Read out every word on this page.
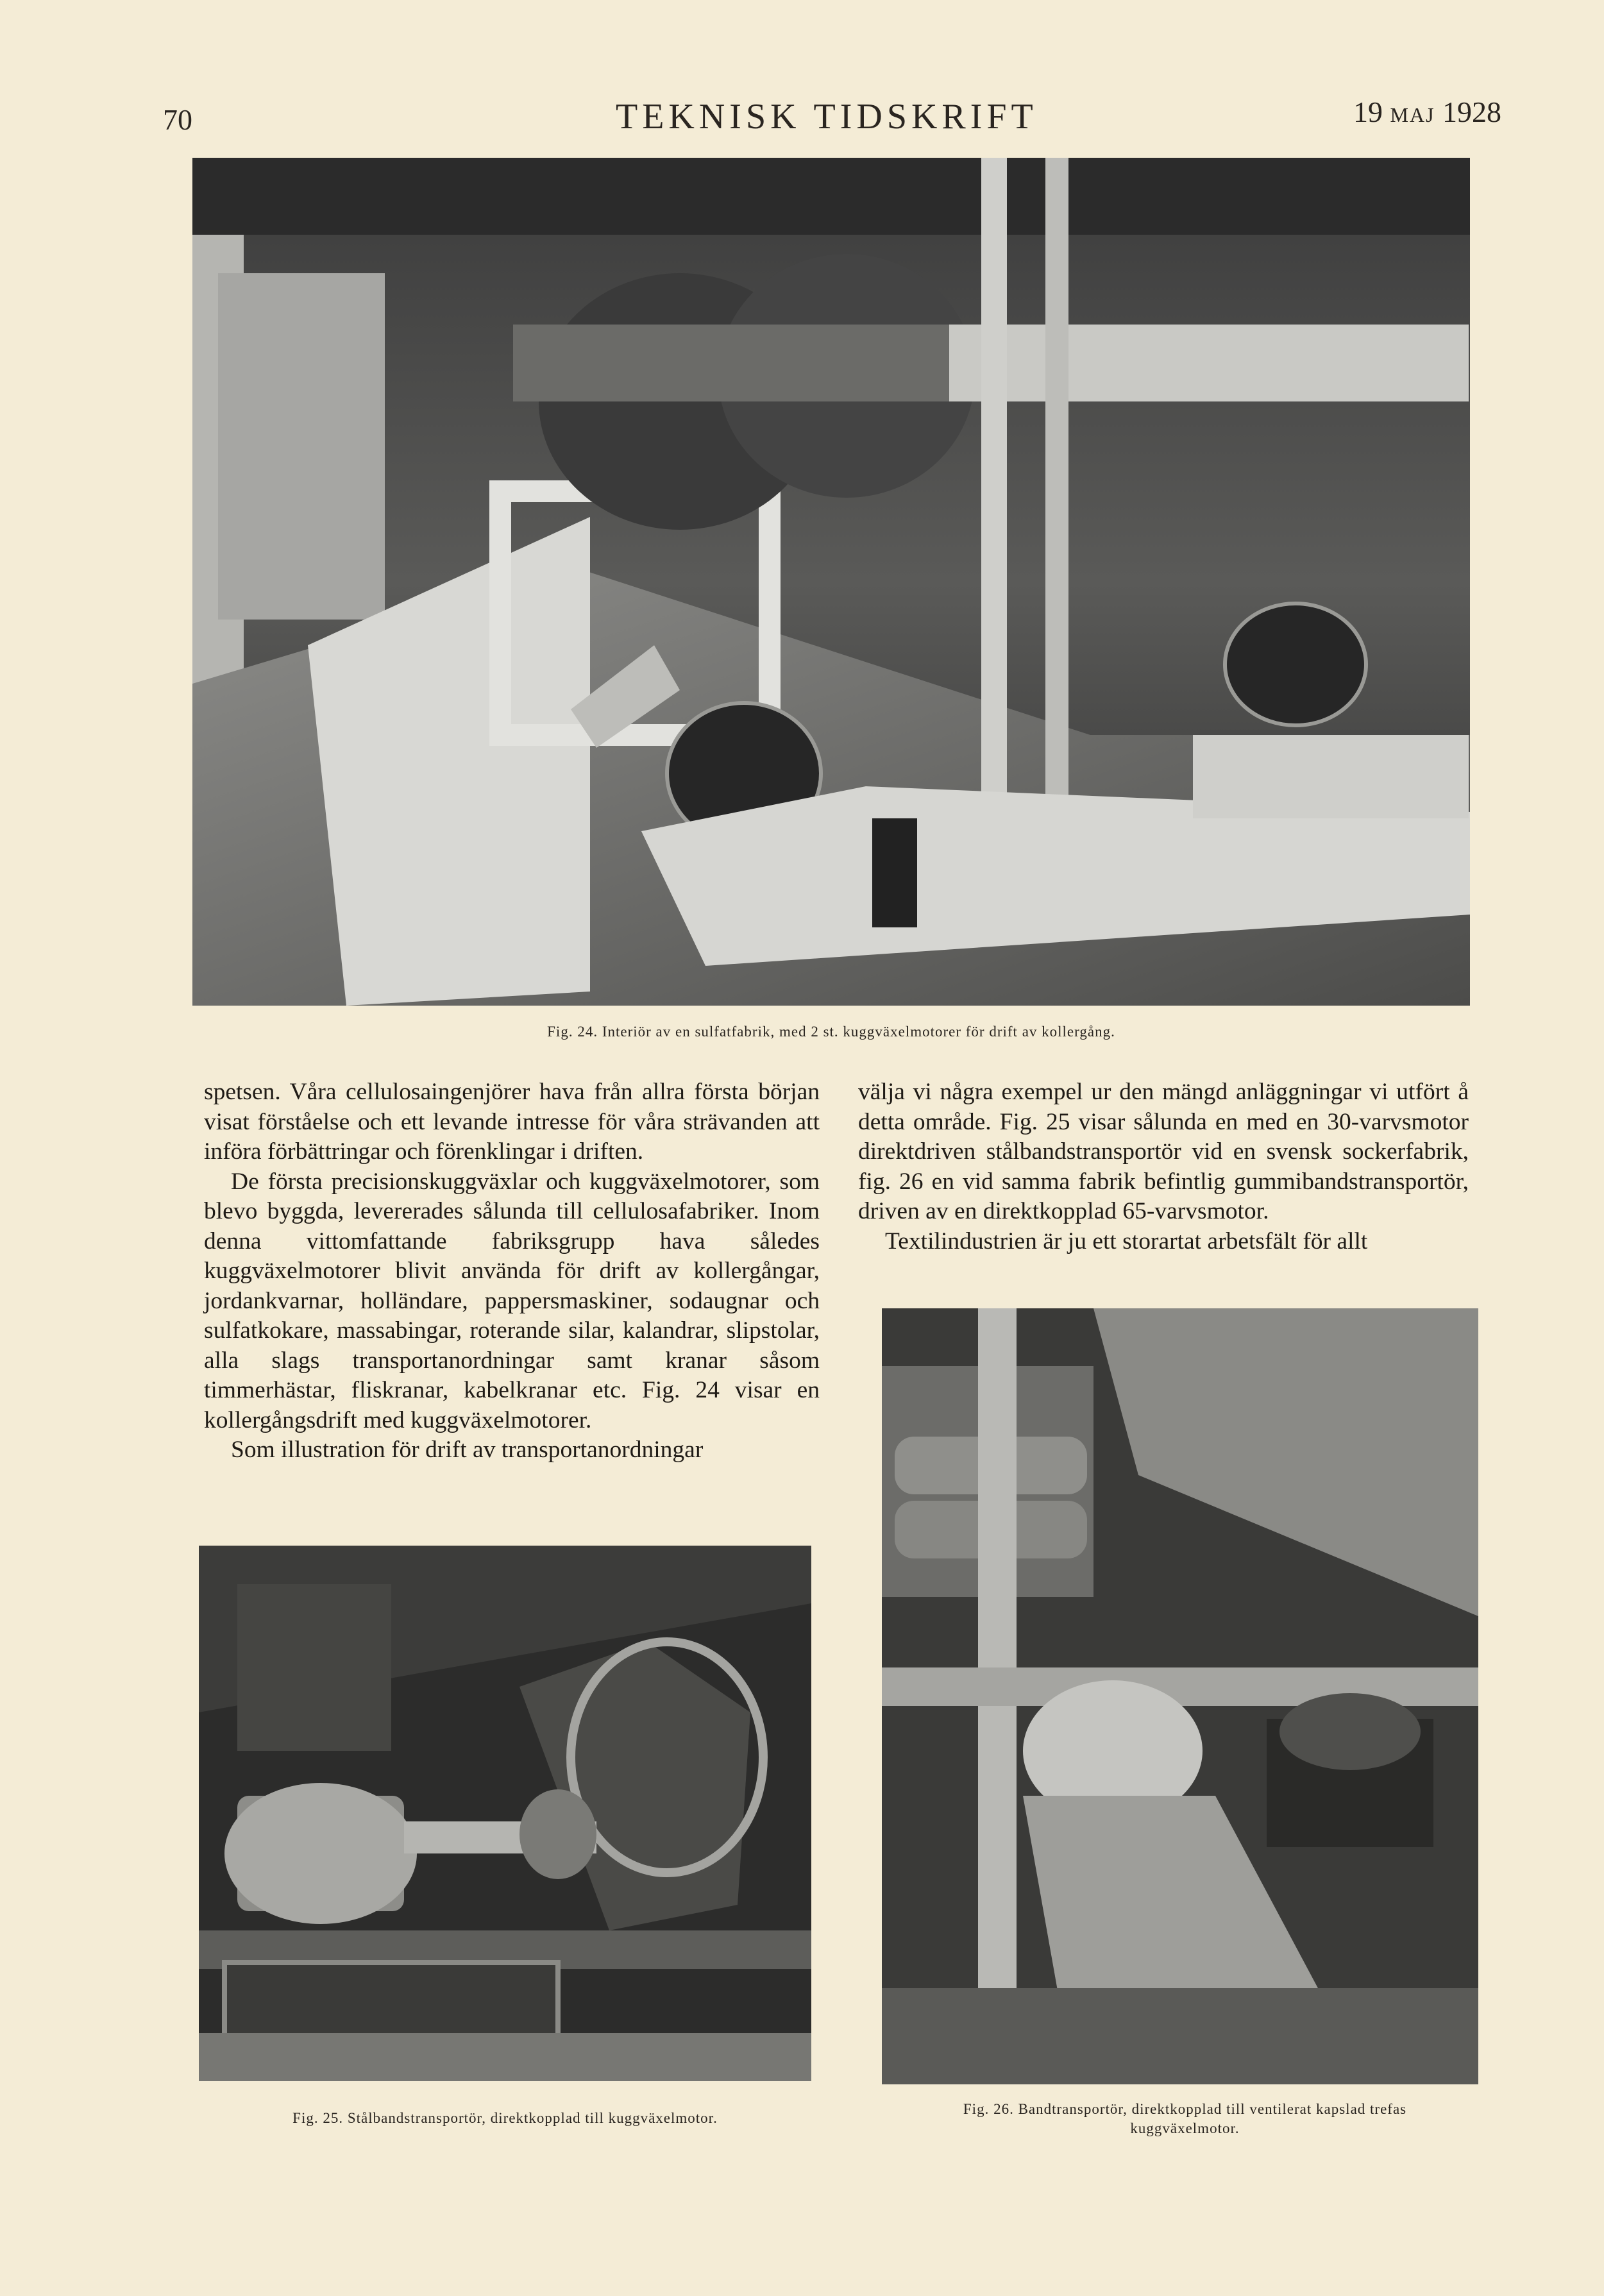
70	TEKNISK TIDSKRIFT	19 MAJ 1928
Fig. 24. Interiör av en sulfatfabrik, med 2 st. kuggväxelmotorer för drift av kollergång.

spetsen. Våra cellulosaingenjörer hava från allra första början visat förståelse och ett levande intresse för våra strävanden att införa förbättringar och förenklingar i driften.

De första precisionskuggväxlar och kuggväxelmotorer, som blevo byggda, levererades sålunda till cellulosafabriker. Inom denna vittomfattande fabriksgrupp hava således kuggväxelmotorer blivit använda för drift av kollergångar, jordankvarnar, holländare, pappersmaskiner, sodaugnar och sulfatkokare, massabingar, roterande silar, kalandrar, slipstolar, alla slags transportanordningar samt kranar såsom timmerhästar, fliskranar, kabelkranar etc. Fig. 24 visar en kollergångsdrift med kuggväxelmotorer.

Som illustration för drift av transportanordningar

välja vi några exempel ur den mängd anläggningar vi utfört å detta område. Fig. 25 visar sålunda en med en 30-varvsmotor direktdriven stålbandstransportör vid en svensk sockerfabrik, fig. 26 en vid samma fabrik befintlig gummibandstransportör, driven av en direktkopplad 65-varvsmotor.

Textilindustrien är ju ett storartat arbetsfält för allt

Fig. 25. Stålbandstransportör, direktkopplad till kuggväxelmotor.
Fig. 26. Bandtransportör, direktkopplad till ventilerat kapslad trefas
kuggväxelmotor.
